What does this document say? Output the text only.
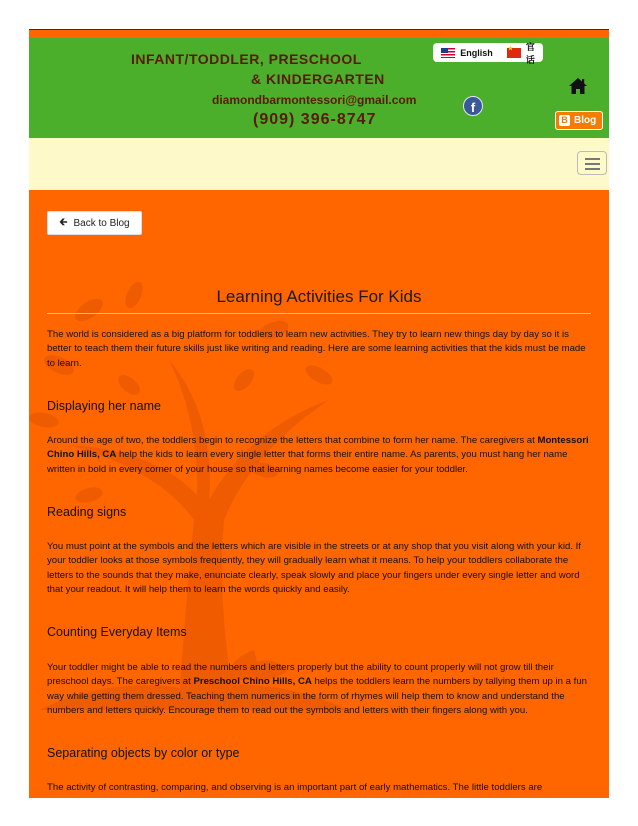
INFANT/TODDLER, PRESCHOOL
& KINDERGARTEN
diamondbarmontessori@gmail.com
(909) 396-8747
English
★
官话
f
B Blog
🡰 Back to Blog
Learning Activities For Kids
The world is considered as a big platform for toddlers to learn new activities. They try to learn new things day by day so it is better to teach them their future skills just like writing and reading. Here are some learning activities that the kids must be made to learn.
Displaying her name
Around the age of two, the toddlers begin to recognize the letters that combine to form her name. The caregivers at Montessori Chino Hills, CA help the kids to learn every single letter that forms their entire name. As parents, you must hang her name written in bold in every corner of your house so that learning names become easier for your toddler.
Reading signs
You must point at the symbols and the letters which are visible in the streets or at any shop that you visit along with your kid. If your toddler looks at those symbols frequently, they will gradually learn what it means. To help your toddlers collaborate the letters to the sounds that they make, enunciate clearly, speak slowly and place your fingers under every single letter and word that your readout. It will help them to learn the words quickly and easily.
Counting Everyday Items
Your toddler might be able to read the numbers and letters properly but the ability to count properly will not grow till their preschool days. The caregivers at Preschool Chino Hills, CA helps the toddlers learn the numbers by tallying them up in a fun way while getting them dressed. Teaching them numerics in the form of rhymes will help them to know and understand the numbers and letters quickly. Encourage them to read out the symbols and letters with their fingers along with you.
Separating objects by color or type
The activity of contrasting, comparing, and observing is an important part of early mathematics. The little toddlers are
